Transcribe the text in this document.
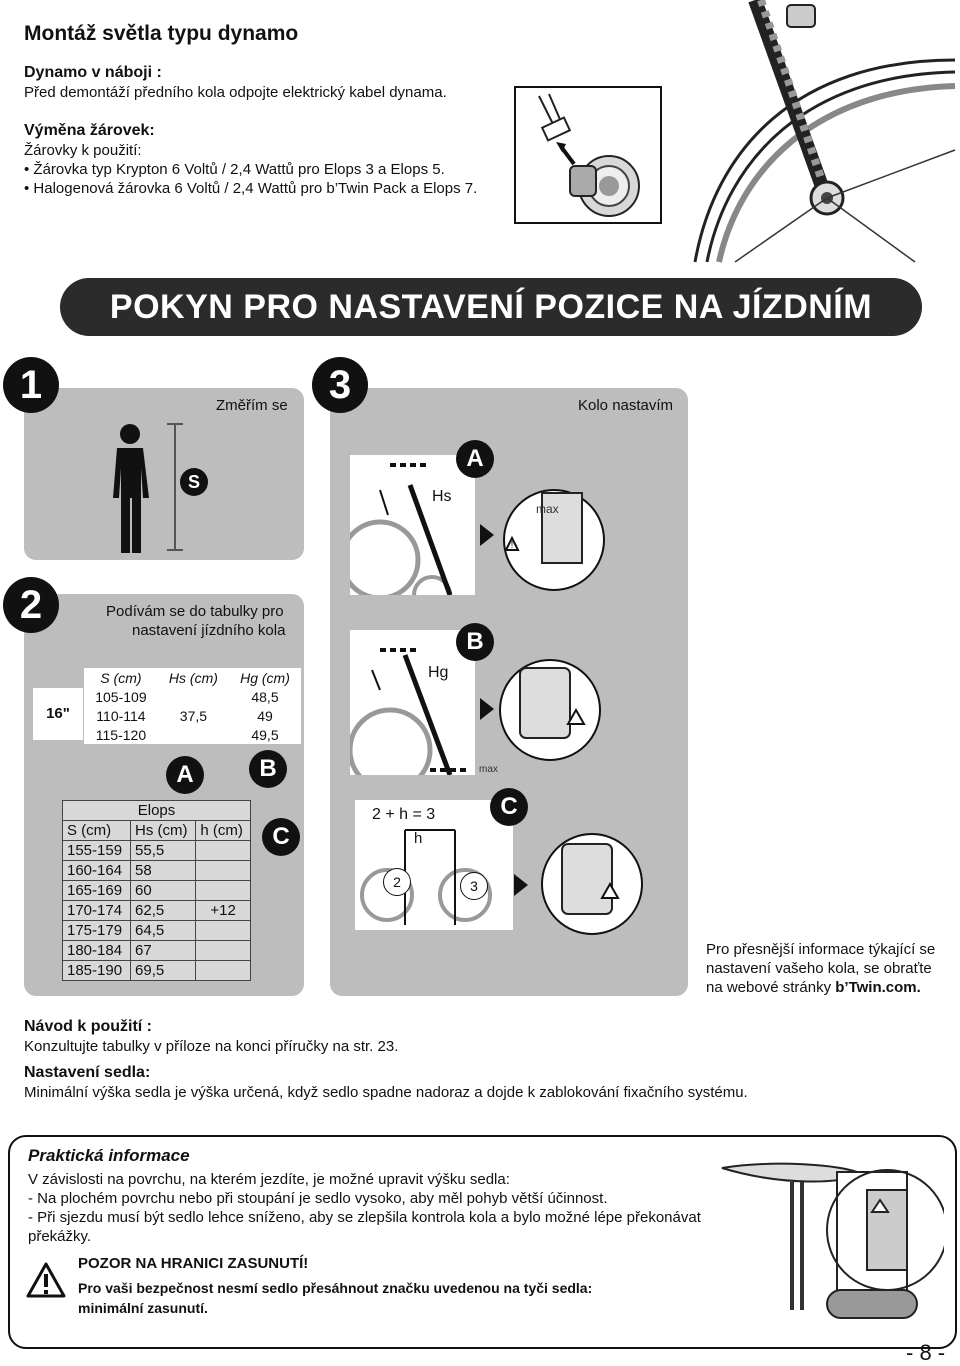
Montáž světla typu dynamo
Dynamo v náboji :
Před demontáží předního kola odpojte elektrický kabel dynama.
Výměna žárovek:
Žárovky k použití:
• Žárovka typ Krypton 6 Voltů / 2,4 Wattů pro Elops 3 a Elops 5.
• Halogenová žárovka 6 Voltů / 2,4 Wattů pro b’Twin Pack a Elops 7.
POKYN PRO NASTAVENÍ POZICE NA JÍZDNÍM KOLE
1	Změřím se
S
3	Kolo nastavím
A
Hs
!
max
B
Hg
max
2 + h = 3
h
2	3
C
Pro přesnější informace týkající se nastavení vašeho kola, se obraťte na webové stránky b’Twin.com.
2	Podívám se do tabulky pro
nastavení jízdního kola
16"
S (cm)	Hs (cm)	Hg (cm)
105-109		48,5
110-114	37,5	49
115-120		49,5
A	B
C
Elops		
S (cm)	Hs (cm)	h (cm)
155-159	55,5	
160-164	58	
165-169	60	
170-174	62,5	+12
175-179	64,5	
180-184	67	
185-190	69,5	
Návod k použití :
Konzultujte tabulky v příloze na konci příručky na str. 23.
Nastavení sedla:
Minimální výška sedla je výška určená, když sedlo spadne nadoraz a dojde k zablokování fixačního systému.
Praktická informace
V závislosti na povrchu, na kterém jezdíte, je možné upravit výšku sedla:
- Na plochém povrchu nebo při stoupání je sedlo vysoko, aby měl pohyb větší účinnost.
- Při sjezdu musí být sedlo lehce sníženo, aby se zlepšila kontrola kola a bylo možné lépe překonávat překážky.
POZOR NA HRANICI ZASUNUTÍ!
Pro vaši bezpečnost nesmí sedlo přesáhnout značku uvedenou na tyči sedla:
minimální zasunutí.
- 8 -
